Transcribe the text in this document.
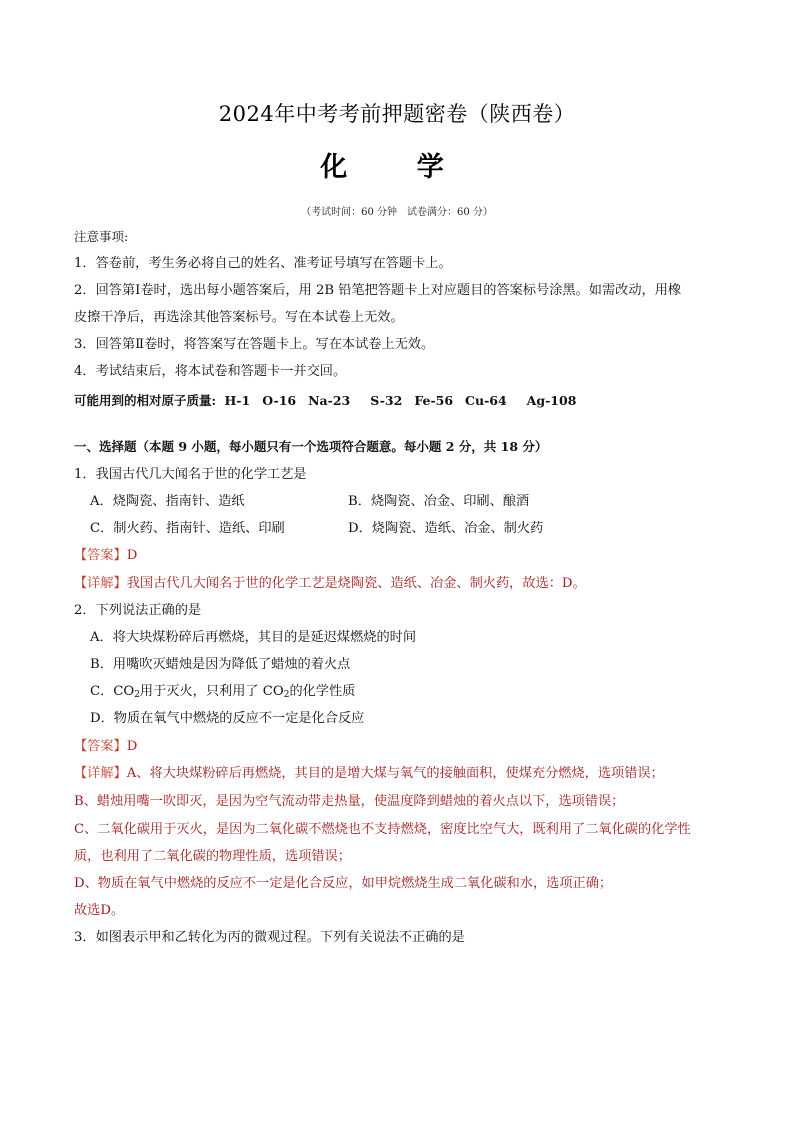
2024年中考考前押题密卷（陕西卷）
化 学
（考试时间：60 分钟　试卷满分：60 分）
注意事项:
1．答卷前，考生务必将自己的姓名、准考证号填写在答题卡上。
2．回答第Ⅰ卷时，选出每小题答案后，用 2B 铅笔把答题卡上对应题目的答案标号涂黑。如需改动，用橡
皮擦干净后，再选涂其他答案标号。写在本试卷上无效。
3．回答第Ⅱ卷时，将答案写在答题卡上。写在本试卷上无效。
4．考试结束后，将本试卷和答题卡一并交回。
可能用到的相对原子质量: H-1 O-16 Na-23 S-32 Fe-56 Cu-64 Ag-108
一、选择题（本题 9 小题，每小题只有一个选项符合题意。每小题 2 分，共 18 分）
1．我国古代几大闻名于世的化学工艺是
A．烧陶瓷、指南针、造纸	B．烧陶瓷、冶金、印刷、酿酒
C．制火药、指南针、造纸、印刷	D．烧陶瓷、造纸、冶金、制火药
【答案】D
【详解】我国古代几大闻名于世的化学工艺是烧陶瓷、造纸、冶金、制火药，故选：D。
2．下列说法正确的是
A．将大块煤粉碎后再燃烧，其目的是延迟煤燃烧的时间
B．用嘴吹灭蜡烛是因为降低了蜡烛的着火点
C．$CO_2$用于灭火，只利用了 $CO_2$的化学性质
D．物质在氧气中燃烧的反应不一定是化合反应
【答案】D
【详解】A、将大块煤粉碎后再燃烧，其目的是增大煤与氧气的接触面积，使煤充分燃烧，选项错误；
B、蜡烛用嘴一吹即灭，是因为空气流动带走热量，使温度降到蜡烛的着火点以下，选项错误；
C、二氧化碳用于灭火，是因为二氧化碳不燃烧也不支持燃烧，密度比空气大，既利用了二氧化碳的化学性
质，也利用了二氧化碳的物理性质，选项错误；
D、物质在氧气中燃烧的反应不一定是化合反应，如甲烷燃烧生成二氧化碳和水，选项正确；
故选D。
3．如图表示甲和乙转化为丙的微观过程。下列有关说法不正确的是
